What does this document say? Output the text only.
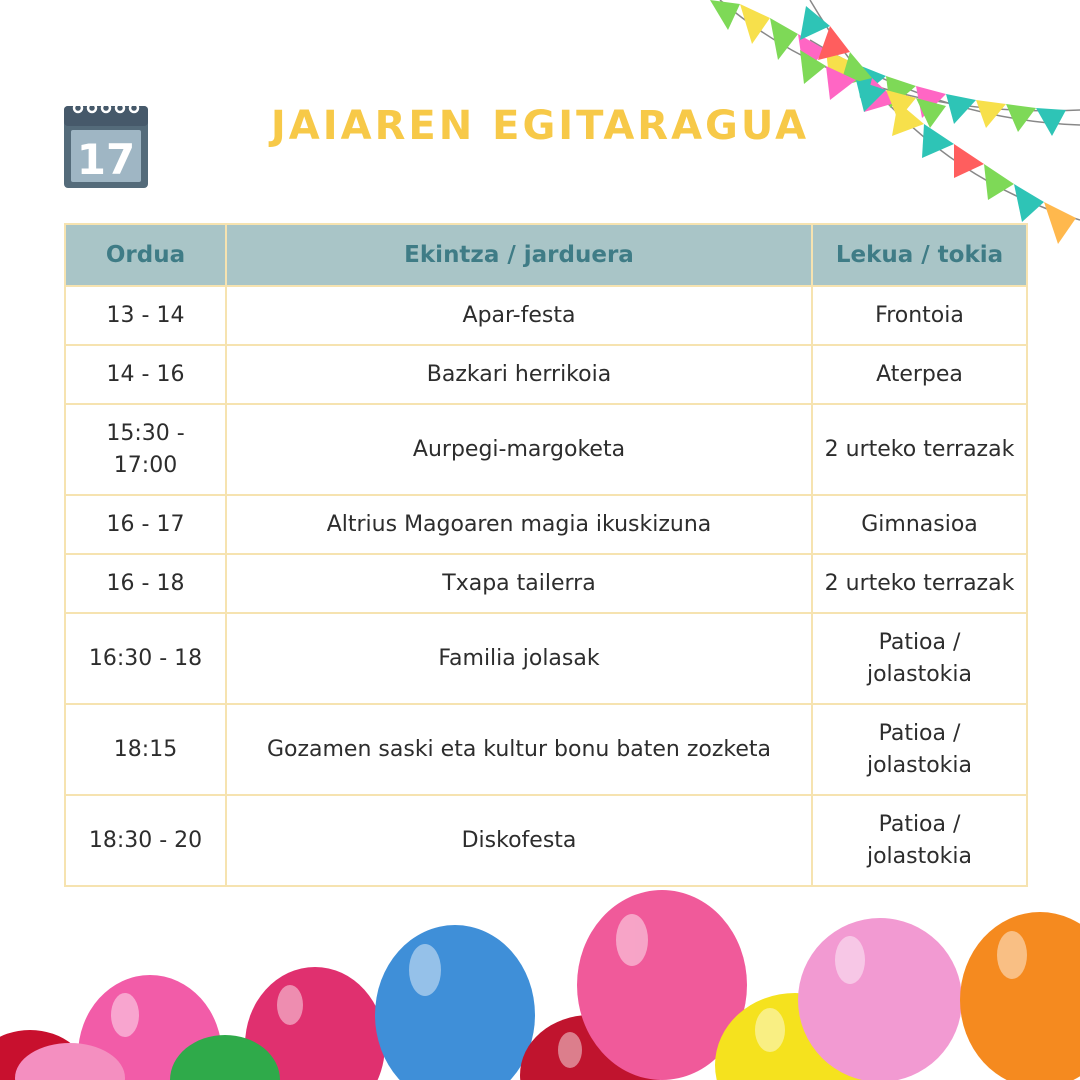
17
JAIAREN EGITARAGUA
Ordua	Ekintza / jarduera	Lekua / tokia
13 - 14	Apar-festa	Frontoia
14 - 16	Bazkari herrikoia	Aterpea
15:30 - 17:00	Aurpegi-margoketa	2 urteko terrazak
16 - 17	Altrius Magoaren magia ikuskizuna	Gimnasioa
16 - 18	Txapa tailerra	2 urteko terrazak
16:30 - 18	Familia jolasak	Patioa / jolastokia
18:15	Gozamen saski eta kultur bonu baten zozketa	Patioa / jolastokia
18:30 - 20	Diskofesta	Patioa / jolastokia
